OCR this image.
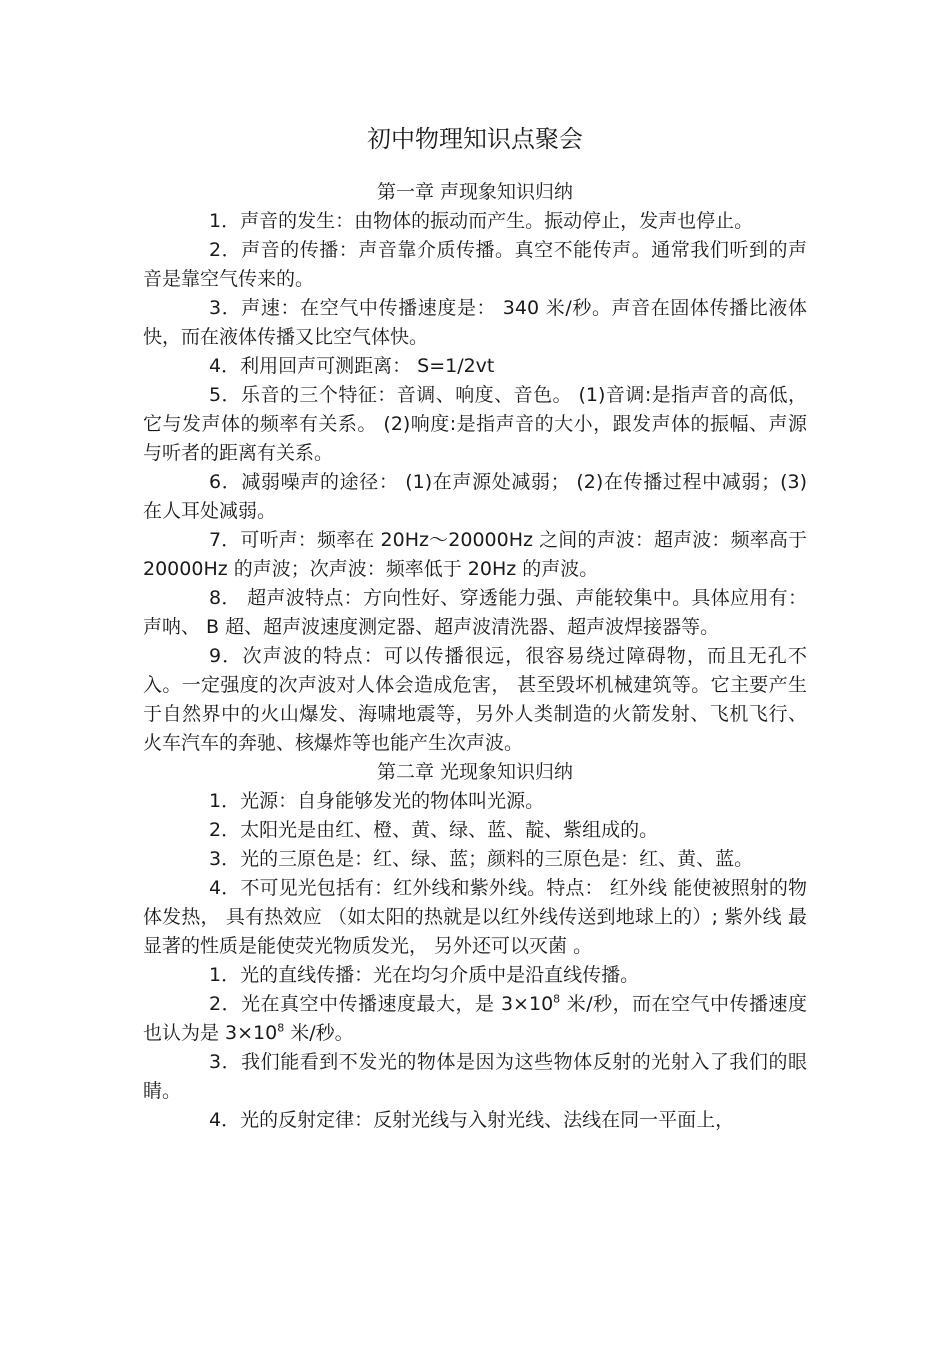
初中物理知识点聚会

第一章 声现象知识归纳

1．声音的发生：由物体的振动而产生。振动停止，发声也停止。

2．声音的传播：声音靠介质传播。真空不能传声。通常我们听到的声音是靠空气传来的。

3．声速：在空气中传播速度是： 340 米/秒。声音在固体传播比液体快，而在液体传播又比空气体快。

4．利用回声可测距离： S=1/2vt

5．乐音的三个特征：音调、响度、音色。 (1)音调:是指声音的高低，它与发声体的频率有关系。 (2)响度:是指声音的大小，跟发声体的振幅、声源与听者的距离有关系。

6．减弱噪声的途径： (1)在声源处减弱； (2)在传播过程中减弱；(3)在人耳处减弱。

7．可听声：频率在 20Hz～20000Hz 之间的声波：超声波：频率高于 20000Hz 的声波；次声波：频率低于 20Hz 的声波。

8． 超声波特点：方向性好、穿透能力强、声能较集中。具体应用有：声呐、 B 超、超声波速度测定器、超声波清洗器、超声波焊接器等。

9．次声波的特点：可以传播很远，很容易绕过障碍物，而且无孔不入。一定强度的次声波对人体会造成危害， 甚至毁坏机械建筑等。它主要产生于自然界中的火山爆发、海啸地震等，另外人类制造的火箭发射、飞机飞行、火车汽车的奔驰、核爆炸等也能产生次声波。

第二章 光现象知识归纳

1．光源：自身能够发光的物体叫光源。

2．太阳光是由红、橙、黄、绿、蓝、靛、紫组成的。

3．光的三原色是：红、绿、蓝；颜料的三原色是：红、黄、蓝。

4．不可见光包括有：红外线和紫外线。特点： 红外线 能使被照射的物体发热， 具有热效应 （如太阳的热就是以红外线传送到地球上的）; 紫外线 最显著的性质是能使荧光物质发光， 另外还可以灭菌 。

1．光的直线传播：光在均匀介质中是沿直线传播。

2．光在真空中传播速度最大，是 $3\times 10^8$ 米/秒，而在空气中传播速度也认为是 $3\times 10^8$ 米/秒。

3．我们能看到不发光的物体是因为这些物体反射的光射入了我们的眼睛。

4．光的反射定律：反射光线与入射光线、法线在同一平面上，
